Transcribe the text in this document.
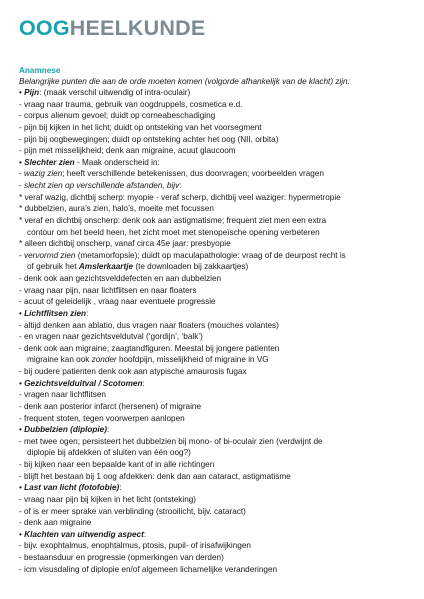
OOGHEELKUNDE
Anamnese
Belangrijke punten die aan de orde moeten komen (volgorde afhankelijk van de klacht) zijn:
• Pijn: (maak verschil uitwendig of intra-oculair)
- vraag naar trauma, gebruik van oogdruppels, cosmetica e.d.
- corpus alienum gevoel; duidt op corneabeschadiging
- pijn bij kijken in het licht; duidt op ontsteking van het voorsegment
- pijn bij oogbewegingen; duidt op ontsteking achter het oog (NII, orbita)
- pijn met misselijkheid; denk aan migraine, acuut glaucoom
• Slechter zien - Maak onderscheid in:
- wazig zien; heeft verschillende betekenissen, dus doorvragen; voorbeelden vragen
- slecht zien op verschillende afstanden, bijv:
* veraf wazig, dichtbij scherp: myopie - veraf scherp, dichtbij veel waziger: hypermetropie
* dubbelzien, aura’s zien, halo’s, moeite met focussen
* veraf en dichtbij onscherp: denk ook aan astigmatisme; frequent ziet men een extra
contour om het beeld heen, het zicht moet met stenopeïsche opening verbeteren
* alleen dichtbij onscherp, vanaf circa 45e jaar: presbyopie
- vervormd zien (metamorfopsie); duidt op maculapathologie: vraag of de deurpost recht is
of gebruik het Amslerkaartje (te downloaden bij zakkaartjes)
- denk ook aan gezichtsvelddefecten en aan dubbelzien
- vraag naar pijn, naar lichtflitsen en naar floaters
- acuut of geleidelijk , vraag naar eventuele progressie
• Lichtflitsen zien:
- altijd denken aan ablatio, dus vragen naar floaters (mouches volantes)
- en vragen naar gezichtsveldutval (‘gordijn’, ‘balk’)
- denk ook aan migraine; zaagtandfiguren. Meestal bij jongere patienten
migraine kan ook zonder hoofdpijn, misselijkheid of migraine in VG
- bij oudere patienten denk ook aan atypische amaurosis fugax
• Gezichtsvelduitval / Scotomen:
- vragen naar lichtflitsen
- denk aan posterior infarct (hersenen) of migraine
- frequent stoten, tegen voorwerpen aanlopen
• Dubbelzien (diplopie):
- met twee ogen; persisteert het dubbelzien bij mono- of bi-oculair zien (verdwijnt de
diplopie bij afdekken of sluiten van één oog?)
- bij kijken naar een bepaalde kant of in alle richtingen
- blijft het bestaan bij 1 oog afdekken: denk dan aan cataract, astigmatisme
• Last van licht (fotofobie):
- vraag naar pijn bij kijken in het licht (ontsteking)
- of is er meer sprake van verblinding (strooilicht, bijv. cataract)
- denk aan migraine
• Klachten van uitwendig aspect:
- bijv. exophtalmus, enophtalmus, ptosis, pupil- of irisafwijkingen
- bestaansduur en progressie (opmerkingen van derden)
- icm visusdaling of diplopie en/of algemeen lichamelijke veranderingen
